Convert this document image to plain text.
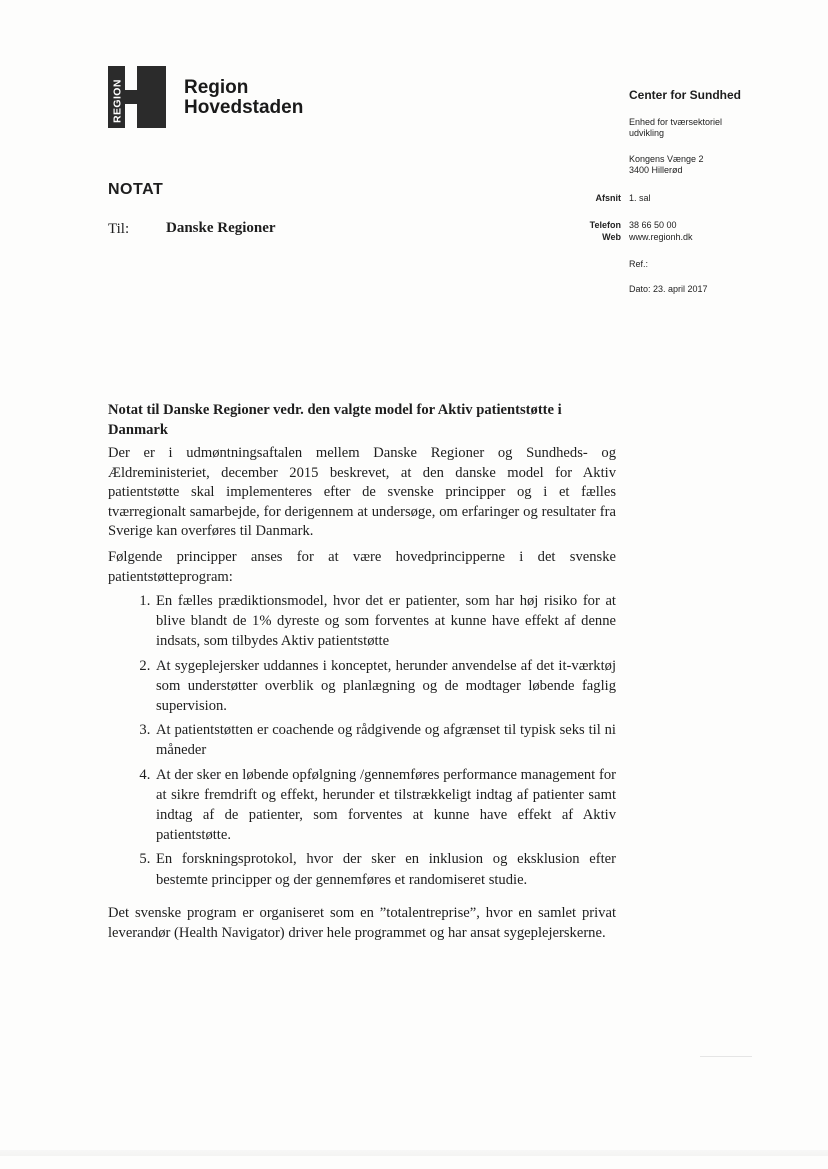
REGION	Region
Hovedstaden
Center for Sundhed
Enhed for tværsektoriel
udvikling
Kongens Vænge 2
3400 Hillerød
Afsnit 1. sal
Telefon 38 66 50 00
Web www.regionh.dk
Ref.:
Dato: 23. april 2017
NOTAT
Til: Danske Regioner
Notat til Danske Regioner vedr. den valgte model for Aktiv patientstøtte i Danmark
Der er i udmøntningsaftalen mellem Danske Regioner og Sundheds- og Ældreministeriet, december 2015 beskrevet, at den danske model for Aktiv patientstøtte skal implementeres efter de svenske principper og i et fælles tværregionalt samarbejde, for derigennem at undersøge, om erfaringer og resultater fra Sverige kan overføres til Danmark.
Følgende principper anses for at være hovedprincipperne i det svenske patientstøtteprogram:
1. En fælles prædiktionsmodel, hvor det er patienter, som har høj risiko for at blive blandt de 1% dyreste og som forventes at kunne have effekt af denne indsats, som tilbydes Aktiv patientstøtte
2. At sygeplejersker uddannes i konceptet, herunder anvendelse af det it-værktøj som understøtter overblik og planlægning og de modtager løbende faglig supervision.
3. At patientstøtten er coachende og rådgivende og afgrænset til typisk seks til ni måneder
4. At der sker en løbende opfølgning /gennemføres performance management for at sikre fremdrift og effekt, herunder et tilstrækkeligt indtag af patienter samt indtag af de patienter, som forventes at kunne have effekt af Aktiv patientstøtte.
5. En forskningsprotokol, hvor der sker en inklusion og eksklusion efter bestemte principper og der gennemføres et randomiseret studie.
Det svenske program er organiseret som en ”totalentreprise”, hvor en samlet privat leverandør (Health Navigator) driver hele programmet og har ansat sygeplejerskerne.
